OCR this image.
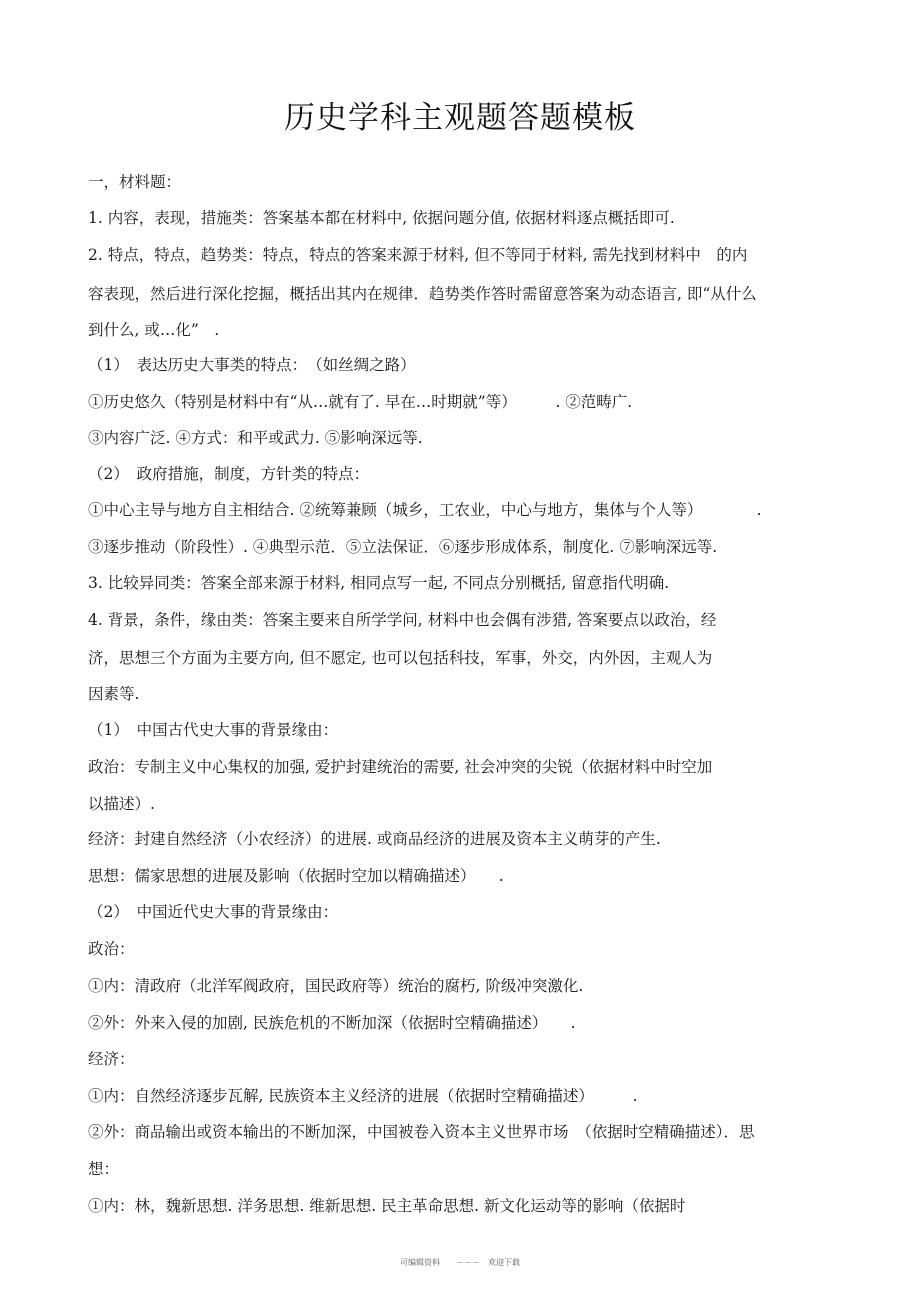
历史学科主观题答题模板
一，材料题：
1. 内容，表现，措施类：答案基本都在材料中, 依据问题分值, 依据材料逐点概括即可.
2. 特点，特点，趋势类：特点，特点的答案来源于材料, 但不等同于材料, 需先找到材料中　的内
容表现，然后进行深化挖掘，概括出其内在规律．趋势类作答时需留意答案为动态语言, 即“从什么
到什么, 或…化”　.
（1）　表达历史大事类的特点：　（如丝绸之路）
①历史悠久（特别是材料中有“从…就有了. 早在…时期就”等）　　　. ②范畴广.
③内容广泛. ④方式：和平或武力. ⑤影响深远等.
（2）　政府措施，制度，方针类的特点：
①中心主导与地方自主相结合. ②统筹兼顾（城乡，工农业，中心与地方，集体与个人等）　　　　.
③逐步推动（阶段性）. ④典型示范．⑤立法保证．⑥逐步形成体系，制度化. ⑦影响深远等.
3. 比较异同类：答案全部来源于材料, 相同点写一起, 不同点分别概括, 留意指代明确.
4. 背景，条件，缘由类：答案主要来自所学学问, 材料中也会偶有涉猎, 答案要点以政治，经
济，思想三个方面为主要方向, 但不愿定, 也可以包括科技，军事，外交，内外因，主观人为
因素等.
（1）　中国古代史大事的背景缘由：
政治：专制主义中心集权的加强, 爱护封建统治的需要, 社会冲突的尖锐（依据材料中时空加
以描述）.
经济：封建自然经济（小农经济）的进展. 或商品经济的进展及资本主义萌芽的产生.
思想：儒家思想的进展及影响（依据时空加以精确描述）　　.
（2）　中国近代史大事的背景缘由：
政治：
①内：清政府（北洋军阀政府，国民政府等）统治的腐朽, 阶级冲突激化.
②外：外来入侵的加剧, 民族危机的不断加深（依据时空精确描述）　　.
经济：
①内：自然经济逐步瓦解, 民族资本主义经济的进展（依据时空精确描述）　　　.
②外：商品输出或资本输出的不断加深，中国被卷入资本主义世界市场　（依据时空精确描述）．思
想：
①内：林，魏新思想. 洋务思想. 维新思想. 民主革命思想. 新文化运动等的影响（依据时
可编辑资料　　－－－　欢迎下载
